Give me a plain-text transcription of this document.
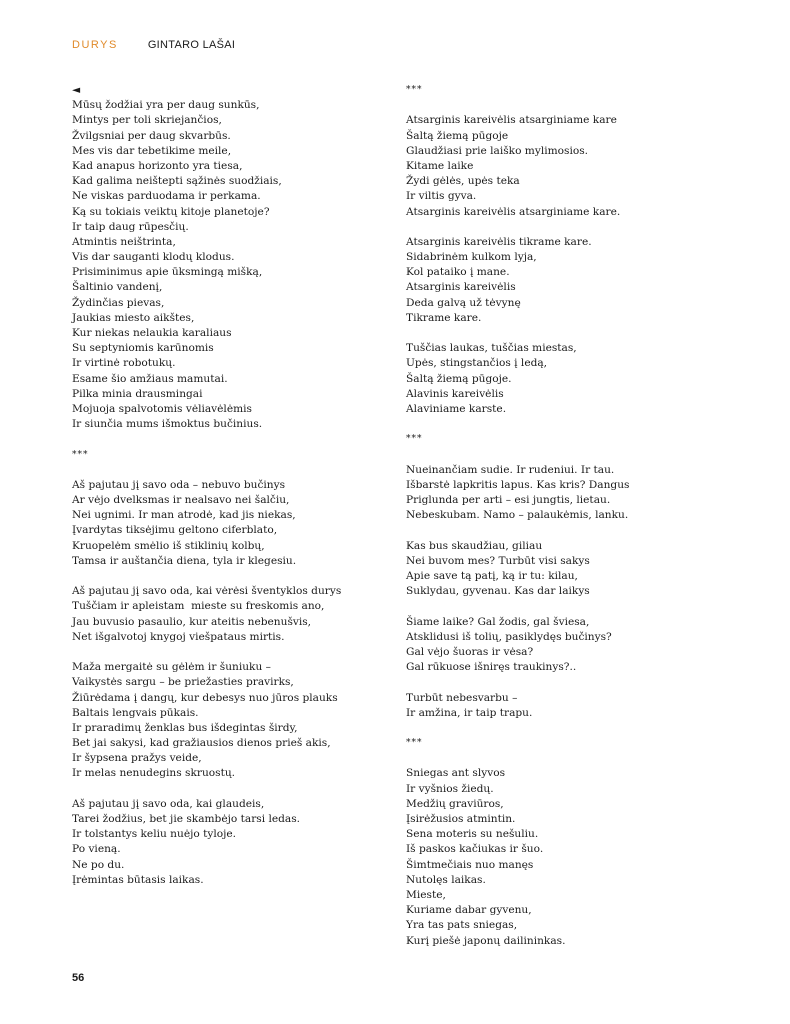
DURYS	GINTARO LAŠAI
◄
Mūsų žodžiai yra per daug sunkūs,
Mintys per toli skriejančios,
Žvilgsniai per daug skvarbūs.
Mes vis dar tebetikime meile,
Kad anapus horizonto yra tiesa,
Kad galima neištepti sąžinės suodžiais,
Ne viskas parduodama ir perkama.
Ką su tokiais veiktų kitoje planetoje?
Ir taip daug rūpesčių.
Atmintis neištrinta,
Vis dar sauganti klodų klodus.
Prisiminimus apie ūksmingą mišką,
Šaltinio vandenį,
Žydinčias pievas,
Jaukias miesto aikštes,
Kur niekas nelaukia karaliaus
Su septyniomis karūnomis
Ir virtinė robotukų.
Esame šio amžiaus mamutai.
Pilka minia drausmingai
Mojuoja spalvotomis vėliavėlėmis
Ir siunčia mums išmoktus bučinius.
***
Aš pajutau jį savo oda – nebuvo bučinys
Ar vėjo dvelksmas ir nealsavo nei šalčiu,
Nei ugnimi. Ir man atrodė, kad jis niekas,
Įvardytas tiksėjimu geltono ciferblato,
Kruopelėm smėlio iš stiklinių kolbų,
Tamsa ir auštančia diena, tyla ir klegesiu.
Aš pajutau jį savo oda, kai vėrėsi šventyklos durys
Tuščiam ir apleistam  mieste su freskomis ano,
Jau buvusio pasaulio, kur ateitis nebenušvis,
Net išgalvotoj knygoj viešpataus mirtis.
Maža mergaitė su gėlėm ir šuniuku –
Vaikystės sargu – be priežasties pravirks,
Žiūrėdama į dangų, kur debesys nuo jūros plauks
Baltais lengvais pūkais.
Ir praradimų ženklas bus išdegintas širdy,
Bet jai sakysi, kad gražiausios dienos prieš akis,
Ir šypsena pražys veide,
Ir melas nenudegins skruostų.
Aš pajutau jį savo oda, kai glaudeis,
Tarei žodžius, bet jie skambėjo tarsi ledas.
Ir tolstantys keliu nuėjo tyloje.
Po vieną.
Ne po du.
Įrėmintas būtasis laikas.
***
Atsarginis kareivėlis atsarginiame kare
Šaltą žiemą pūgoje
Glaudžiasi prie laiško mylimosios.
Kitame laike
Žydi gėlės, upės teka
Ir viltis gyva.
Atsarginis kareivėlis atsarginiame kare.
Atsarginis kareivėlis tikrame kare.
Sidabrinėm kulkom lyja,
Kol pataiko į mane.
Atsarginis kareivėlis
Deda galvą už tėvynę
Tikrame kare.
Tuščias laukas, tuščias miestas,
Upės, stingstančios į ledą,
Šaltą žiemą pūgoje.
Alavinis kareivėlis
Alaviniame karste.
***
Nueinančiam sudie. Ir rudeniui. Ir tau.
Išbarstė lapkritis lapus. Kas kris? Dangus
Priglunda per arti – esi jungtis, lietau.
Nebeskubam. Namo – palaukėmis, lanku.
Kas bus skaudžiau, giliau
Nei buvom mes? Turbūt visi sakys
Apie save tą patį, ką ir tu: kilau,
Suklydau, gyvenau. Kas dar laikys
Šiame laike? Gal žodis, gal šviesa,
Atsklidusi iš tolių, pasiklydęs bučinys?
Gal vėjo šuoras ir vėsa?
Gal rūkuose išniręs traukinys?..
Turbūt nebesvarbu –
Ir amžina, ir taip trapu.
***
Sniegas ant slyvos
Ir vyšnios žiedų.
Medžių graviūros,
Įsirėžusios atmintin.
Sena moteris su nešuliu.
Iš paskos kačiukas ir šuo.
Šimtmečiais nuo manęs
Nutolęs laikas.
Mieste,
Kuriame dabar gyvenu,
Yra tas pats sniegas,
Kurį piešė japonų dailininkas.
56
